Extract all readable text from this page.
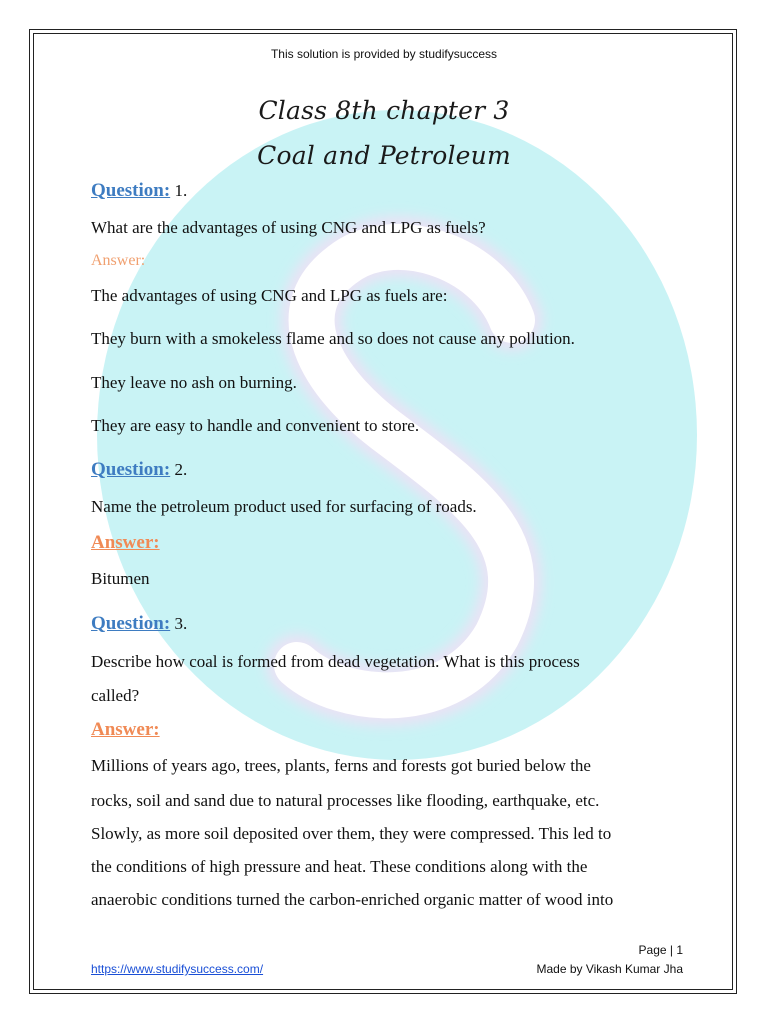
This solution is provided by studifysuccess
Class 8th chapter 3
Coal and Petroleum
Question: 1.
What are the advantages of using CNG and LPG as fuels?
Answer:
The advantages of using CNG and LPG as fuels are:
They burn with a smokeless flame and so does not cause any pollution.
They leave no ash on burning.
They are easy to handle and convenient to store.
Question: 2.
Name the petroleum product used for surfacing of roads.
Answer:
Bitumen
Question: 3.
Describe how coal is formed from dead vegetation. What is this process
called?
Answer:
Millions of years ago, trees, plants, ferns and forests got buried below the
rocks, soil and sand due to natural processes like flooding, earthquake, etc.
Slowly, as more soil deposited over them, they were compressed. This led to
the conditions of high pressure and heat. These conditions along with the
anaerobic conditions turned the carbon-enriched organic matter of wood into
Page | 1
https://www.studifysuccess.com/	Made by Vikash Kumar Jha
